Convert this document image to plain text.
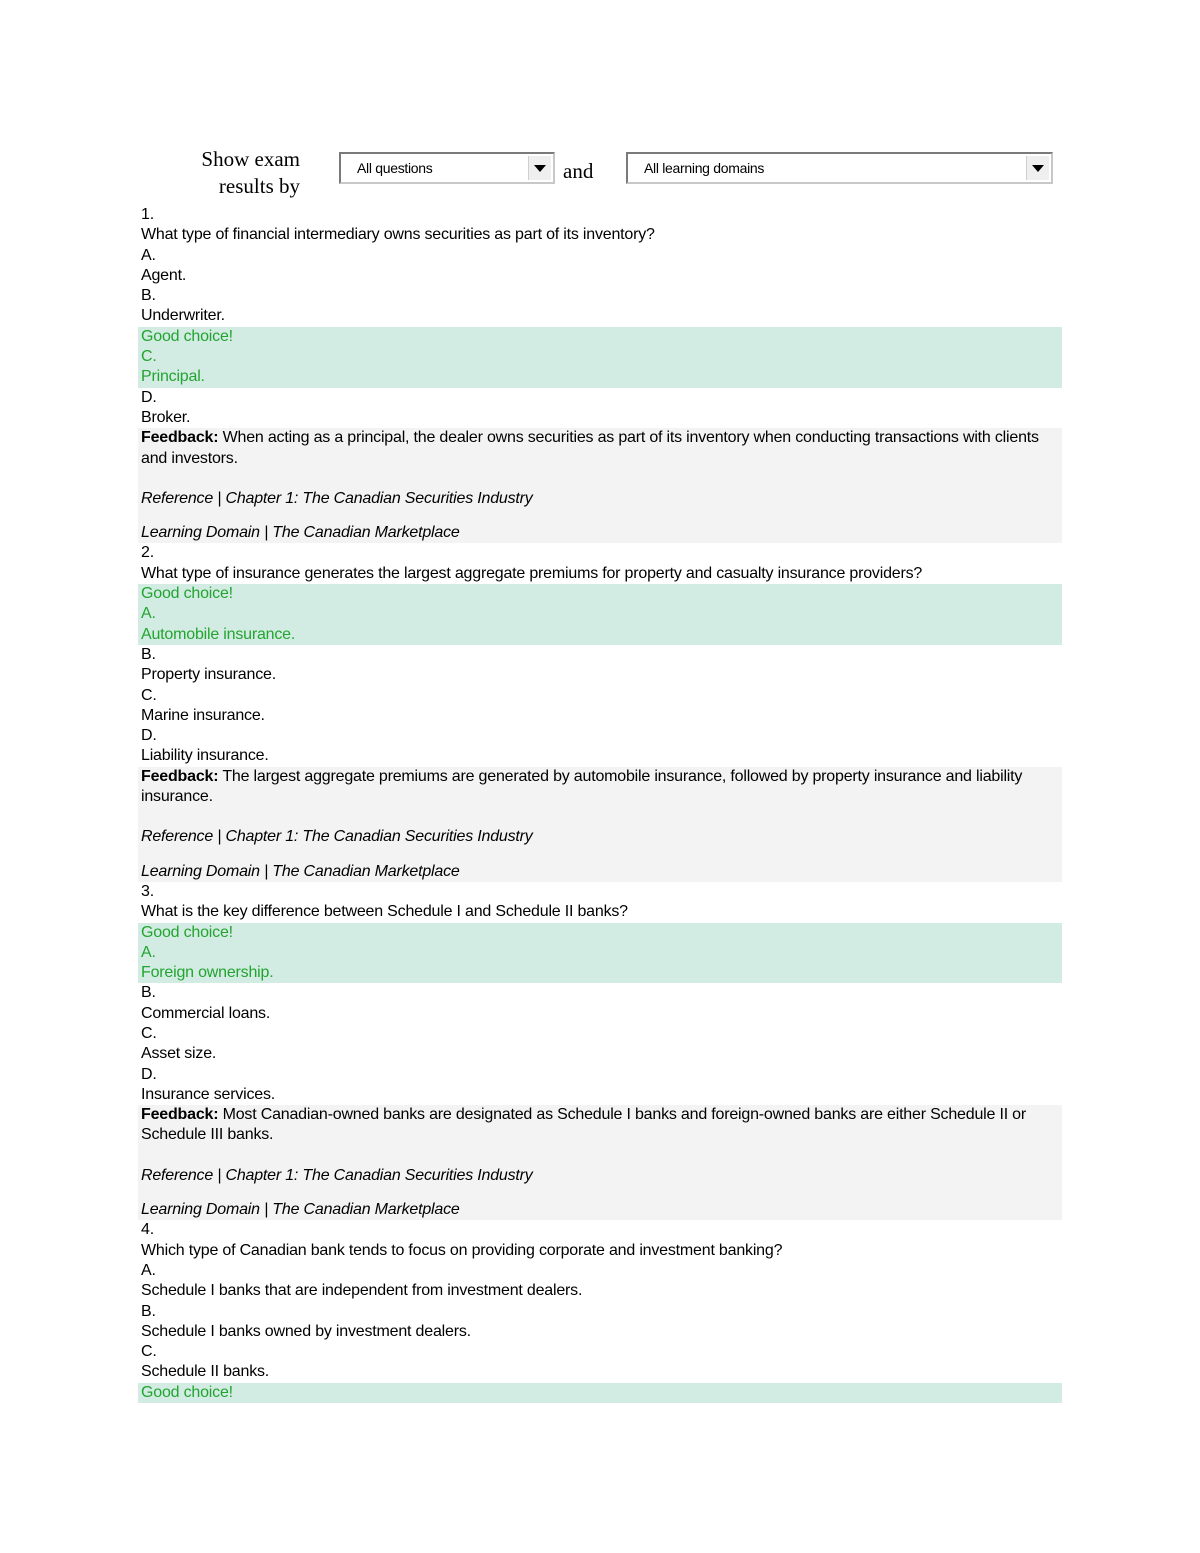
Show exam
results by
All questions	and	All learning domains
1.
What type of financial intermediary owns securities as part of its inventory?
A.
Agent.
B.
Underwriter.
Good choice!
C.
Principal.
D.
Broker.
Feedback: When acting as a principal, the dealer owns securities as part of its inventory when conducting transactions with clients and investors.
Reference | Chapter 1: The Canadian Securities Industry
Learning Domain | The Canadian Marketplace
2.
What type of insurance generates the largest aggregate premiums for property and casualty insurance providers?
Good choice!
A.
Automobile insurance.
B.
Property insurance.
C.
Marine insurance.
D.
Liability insurance.
Feedback: The largest aggregate premiums are generated by automobile insurance, followed by property insurance and liability insurance.
Reference | Chapter 1: The Canadian Securities Industry
Learning Domain | The Canadian Marketplace
3.
What is the key difference between Schedule I and Schedule II banks?
Good choice!
A.
Foreign ownership.
B.
Commercial loans.
C.
Asset size.
D.
Insurance services.
Feedback: Most Canadian-owned banks are designated as Schedule I banks and foreign-owned banks are either Schedule II or Schedule III banks.
Reference | Chapter 1: The Canadian Securities Industry
Learning Domain | The Canadian Marketplace
4.
Which type of Canadian bank tends to focus on providing corporate and investment banking?
A.
Schedule I banks that are independent from investment dealers.
B.
Schedule I banks owned by investment dealers.
C.
Schedule II banks.
Good choice!
